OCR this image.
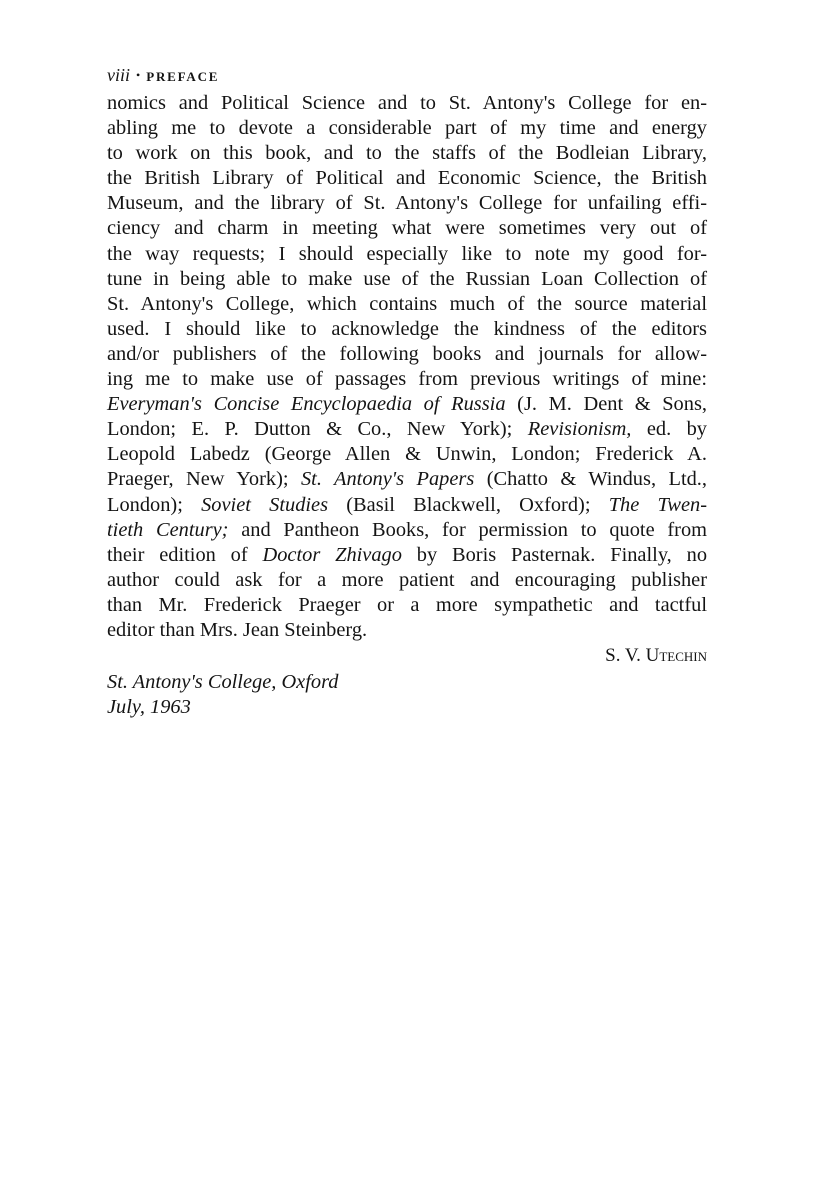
viii • PREFACE
nomics and Political Science and to St. Antony's College for en-
abling me to devote a considerable part of my time and energy
to work on this book, and to the staffs of the Bodleian Library,
the British Library of Political and Economic Science, the British
Museum, and the library of St. Antony's College for unfailing effi-
ciency and charm in meeting what were sometimes very out of
the way requests; I should especially like to note my good for-
tune in being able to make use of the Russian Loan Collection of
St. Antony's College, which contains much of the source material
used. I should like to acknowledge the kindness of the editors
and/or publishers of the following books and journals for allow-
ing me to make use of passages from previous writings of mine:
Everyman's Concise Encyclopaedia of Russia (J. M. Dent & Sons,
London; E. P. Dutton & Co., New York); Revisionism, ed. by
Leopold Labedz (George Allen & Unwin, London; Frederick A.
Praeger, New York); St. Antony's Papers (Chatto & Windus, Ltd.,
London); Soviet Studies (Basil Blackwell, Oxford); The Twen-
tieth Century; and Pantheon Books, for permission to quote from
their edition of Doctor Zhivago by Boris Pasternak. Finally, no
author could ask for a more patient and encouraging publisher
than Mr. Frederick Praeger or a more sympathetic and tactful
editor than Mrs. Jean Steinberg.
S. V. Utechin
St. Antony's College, Oxford
July, 1963
